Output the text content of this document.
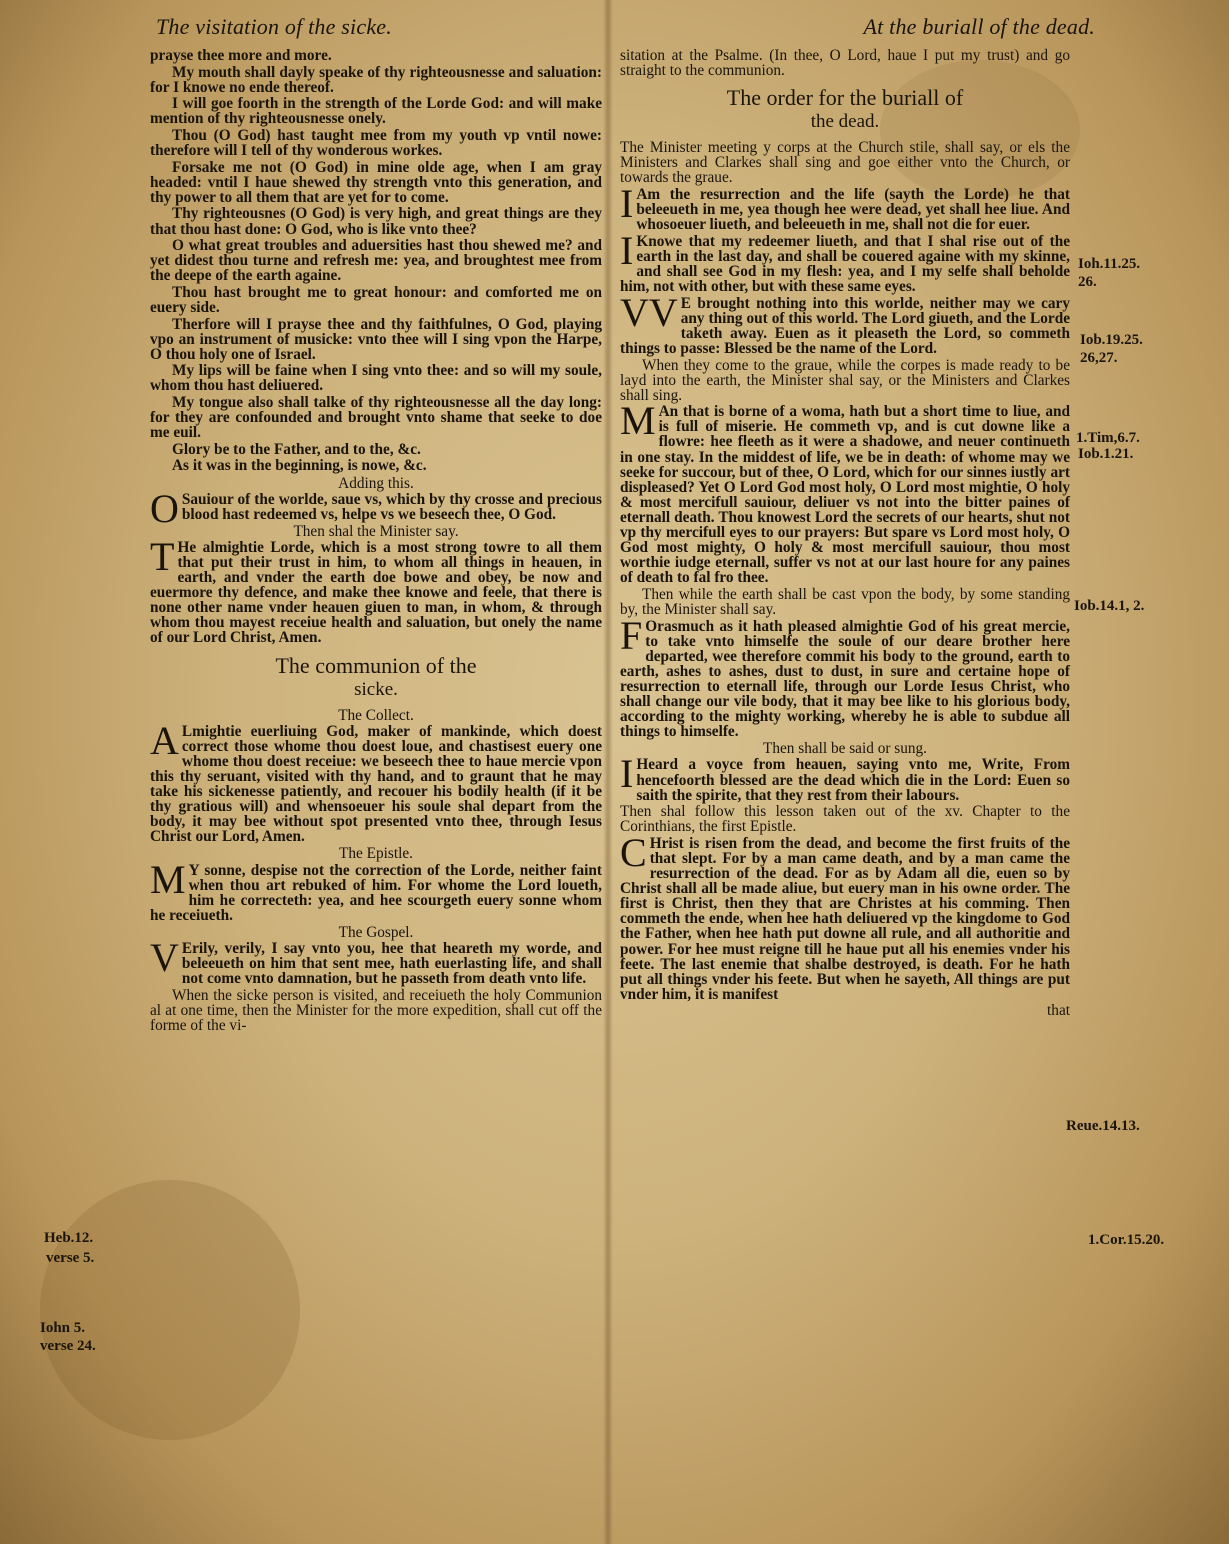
The visitation of the sicke.	At the buriall of the dead.

prayse thee more and more.

My mouth shall dayly speake of thy righteousnesse and saluation: for I knowe no ende thereof.

I will goe foorth in the strength of the Lorde God: and will make mention of thy righteousnesse onely.

Thou (O God) hast taught mee from my youth vp vntil nowe: therefore will I tell of thy wonderous workes.

Forsake me not (O God) in mine olde age, when I am gray headed: vntil I haue shewed thy strength vnto this generation, and thy power to all them that are yet for to come.

Thy righteousnes (O God) is very high, and great things are they that thou hast done: O God, who is like vnto thee?

O what great troubles and aduersities hast thou shewed me? and yet didest thou turne and refresh me: yea, and broughtest mee from the deepe of the earth againe.

Thou hast brought me to great honour: and comforted me on euery side.

Therfore will I prayse thee and thy faithfulnes, O God, playing vpo an instrument of musicke: vnto thee will I sing vpon the Harpe, O thou holy one of Israel.

My lips will be faine when I sing vnto thee: and so will my soule, whom thou hast deliuered.

My tongue also shall talke of thy righteousnesse all the day long: for they are confounded and brought vnto shame that seeke to doe me euil.

Glory be to the Father, and to the, &c.

As it was in the beginning, is nowe, &c.

Adding this.

O Sauiour of the worlde, saue vs, which by thy crosse and precious blood hast redeemed vs, helpe vs we beseech thee, O God.

Then shal the Minister say.

T He almightie Lorde, which is a most strong towre to all them that put their trust in him, to whom all things in heauen, in earth, and vnder the earth doe bowe and obey, be now and euermore thy defence, and make thee knowe and feele, that there is none other name vnder heauen giuen to man, in whom, & through whom thou mayest receiue health and saluation, but onely the name of our Lord Christ, Amen.

The communion of the
sicke.

The Collect.

A Lmightie euerliuing God, maker of mankinde, which doest correct those whome thou doest loue, and chastisest euery one whome thou doest receiue: we beseech thee to haue mercie vpon this thy seruant, visited with thy hand, and to graunt that he may take his sickenesse patiently, and recouer his bodily health (if it be thy gratious will) and whensoeuer his soule shal depart from the body, it may bee without spot presented vnto thee, through Iesus Christ our Lord, Amen.

The Epistle.

M Y sonne, despise not the correction of the Lorde, neither faint when thou art rebuked of him. For whome the Lord loueth, him he correcteth: yea, and hee scourgeth euery sonne whom he receiueth.

The Gospel.

V Erily, verily, I say vnto you, hee that heareth my worde, and beleeueth on him that sent mee, hath euerlasting life, and shall not come vnto damnation, but he passeth from death vnto life.

When the sicke person is visited, and receiueth the holy Communion al at one time, then the Minister for the more expedition, shall cut off the forme of the vi-

sitation at the Psalme. (In thee, O Lord, haue I put my trust) and go straight to the communion.

The order for the buriall of
the dead.

The Minister meeting y corps at the Church stile, shall say, or els the Ministers and Clarkes shall sing and goe either vnto the Church, or towards the graue.

I Am the resurrection and the life (sayth the Lorde) he that beleeueth in me, yea though hee were dead, yet shall hee liue. And whosoeuer liueth, and beleeueth in me, shall not die for euer.

I Knowe that my redeemer liueth, and that I shal rise out of the earth in the last day, and shall be couered againe with my skinne, and shall see God in my flesh: yea, and I my selfe shall beholde him, not with other, but with these same eyes.

VV E brought nothing into this worlde, neither may we cary any thing out of this world. The Lord giueth, and the Lorde taketh away. Euen as it pleaseth the Lord, so commeth things to passe: Blessed be the name of the Lord.

When they come to the graue, while the corpes is made ready to be layd into the earth, the Minister shal say, or the Ministers and Clarkes shall sing.

M An that is borne of a woma, hath but a short time to liue, and is full of miserie. He commeth vp, and is cut downe like a flowre: hee fleeth as it were a shadowe, and neuer continueth in one stay. In the middest of life, we be in death: of whome may we seeke for succour, but of thee, O Lord, which for our sinnes iustly art displeased? Yet O Lord God most holy, O Lord most mightie, O holy & most mercifull sauiour, deliuer vs not into the bitter paines of eternall death. Thou knowest Lord the secrets of our hearts, shut not vp thy mercifull eyes to our prayers: But spare vs Lord most holy, O God most mighty, O holy & most mercifull sauiour, thou most worthie iudge eternall, suffer vs not at our last houre for any paines of death to fal fro thee.

Then while the earth shall be cast vpon the body, by some standing by, the Minister shall say.

F Orasmuch as it hath pleased almightie God of his great mercie, to take vnto himselfe the soule of our deare brother here departed, wee therefore commit his body to the ground, earth to earth, ashes to ashes, dust to dust, in sure and certaine hope of resurrection to eternall life, through our Lorde Iesus Christ, who shall change our vile body, that it may bee like to his glorious body, according to the mighty working, whereby he is able to subdue all things to himselfe.

Then shall be said or sung.

I Heard a voyce from heauen, saying vnto me, Write, From hencefoorth blessed are the dead which die in the Lord: Euen so saith the spirite, that they rest from their labours.

Then shal follow this lesson taken out of the xv. Chapter to the Corinthians, the first Epistle.

C Hrist is risen from the dead, and become the first fruits of the that slept. For by a man came death, and by a man came the resurrection of the dead. For as by Adam all die, euen so by Christ shall all be made aliue, but euery man in his owne order. The first is Christ, then they that are Christes at his comming. Then commeth the ende, when hee hath deliuered vp the kingdome to God the Father, when hee hath put downe all rule, and all authoritie and power. For hee must reigne till he haue put all his enemies vnder his feete. The last enemie that shalbe destroyed, is death. For he hath put all things vnder his feete. But when he sayeth, All things are put vnder him, it is manifest

that

Ioh.11.25.
26.
Iob.19.25.
26,27.
1.Tim,6.7.
Iob.1.21.
Iob.14.1, 2.
Reue.14.13.
1.Cor.15.20.
Heb.12.
verse 5.
Iohn 5.
verse 24.
